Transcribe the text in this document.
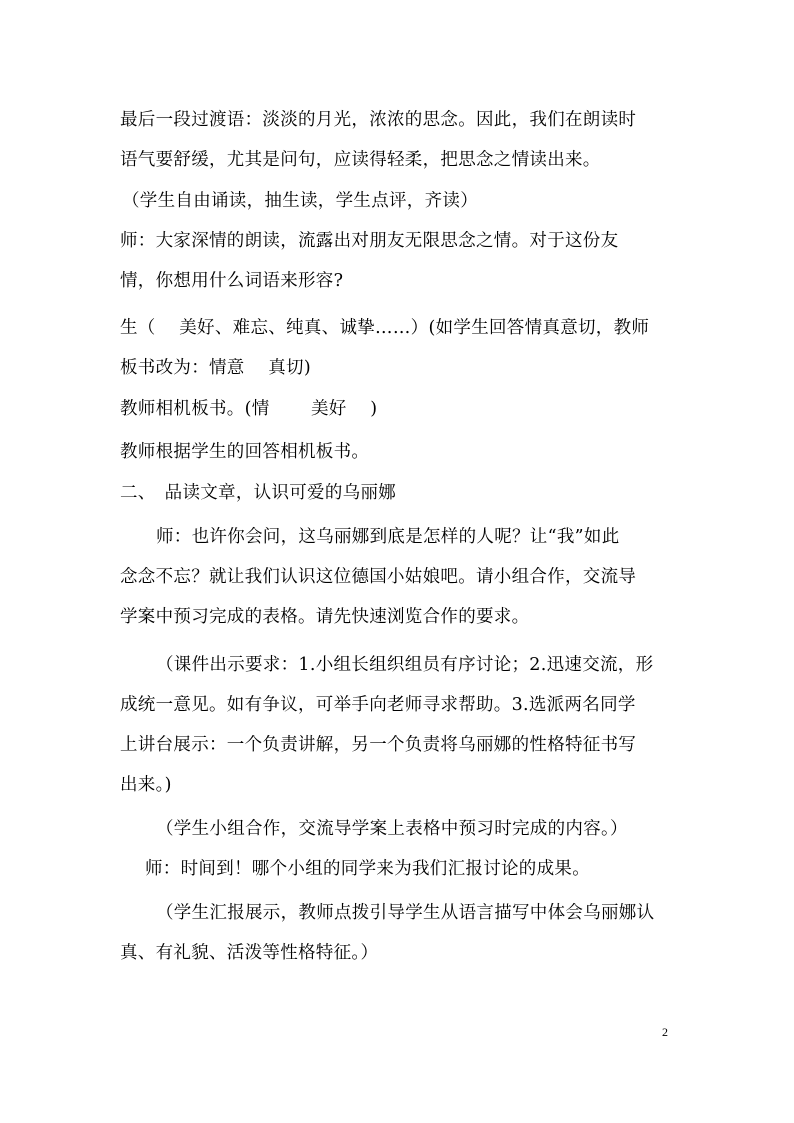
最后一段过渡语：淡淡的月光，浓浓的思念。因此，我们在朗读时
语气要舒缓，尤其是问句，应读得轻柔，把思念之情读出来。
（学生自由诵读，抽生读，学生点评，齐读）
师：大家深情的朗读，流露出对朋友无限思念之情。对于这份友
情，你想用什么词语来形容?
生（　 美好、难忘、纯真、诚挚……）(如学生回答情真意切，教师
板书改为：情意　 真切)
教师相机板书。(情　　 美好　 )
教师根据学生的回答相机板书。
二、　品读文章，认识可爱的乌丽娜
师：也许你会问，这乌丽娜到底是怎样的人呢？让“我”如此
念念不忘？就让我们认识这位德国小姑娘吧。请小组合作，交流导
学案中预习完成的表格。请先快速浏览合作的要求。
（课件出示要求：1.小组长组织组员有序讨论；2.迅速交流，形
成统一意见。如有争议，可举手向老师寻求帮助。3.选派两名同学
上讲台展示：一个负责讲解，另一个负责将乌丽娜的性格特征书写
出来。)
（学生小组合作，交流导学案上表格中预习时完成的内容。）
师：时间到！哪个小组的同学来为我们汇报讨论的成果。
（学生汇报展示，教师点拨引导学生从语言描写中体会乌丽娜认
真、有礼貌、活泼等性格特征。）
2
